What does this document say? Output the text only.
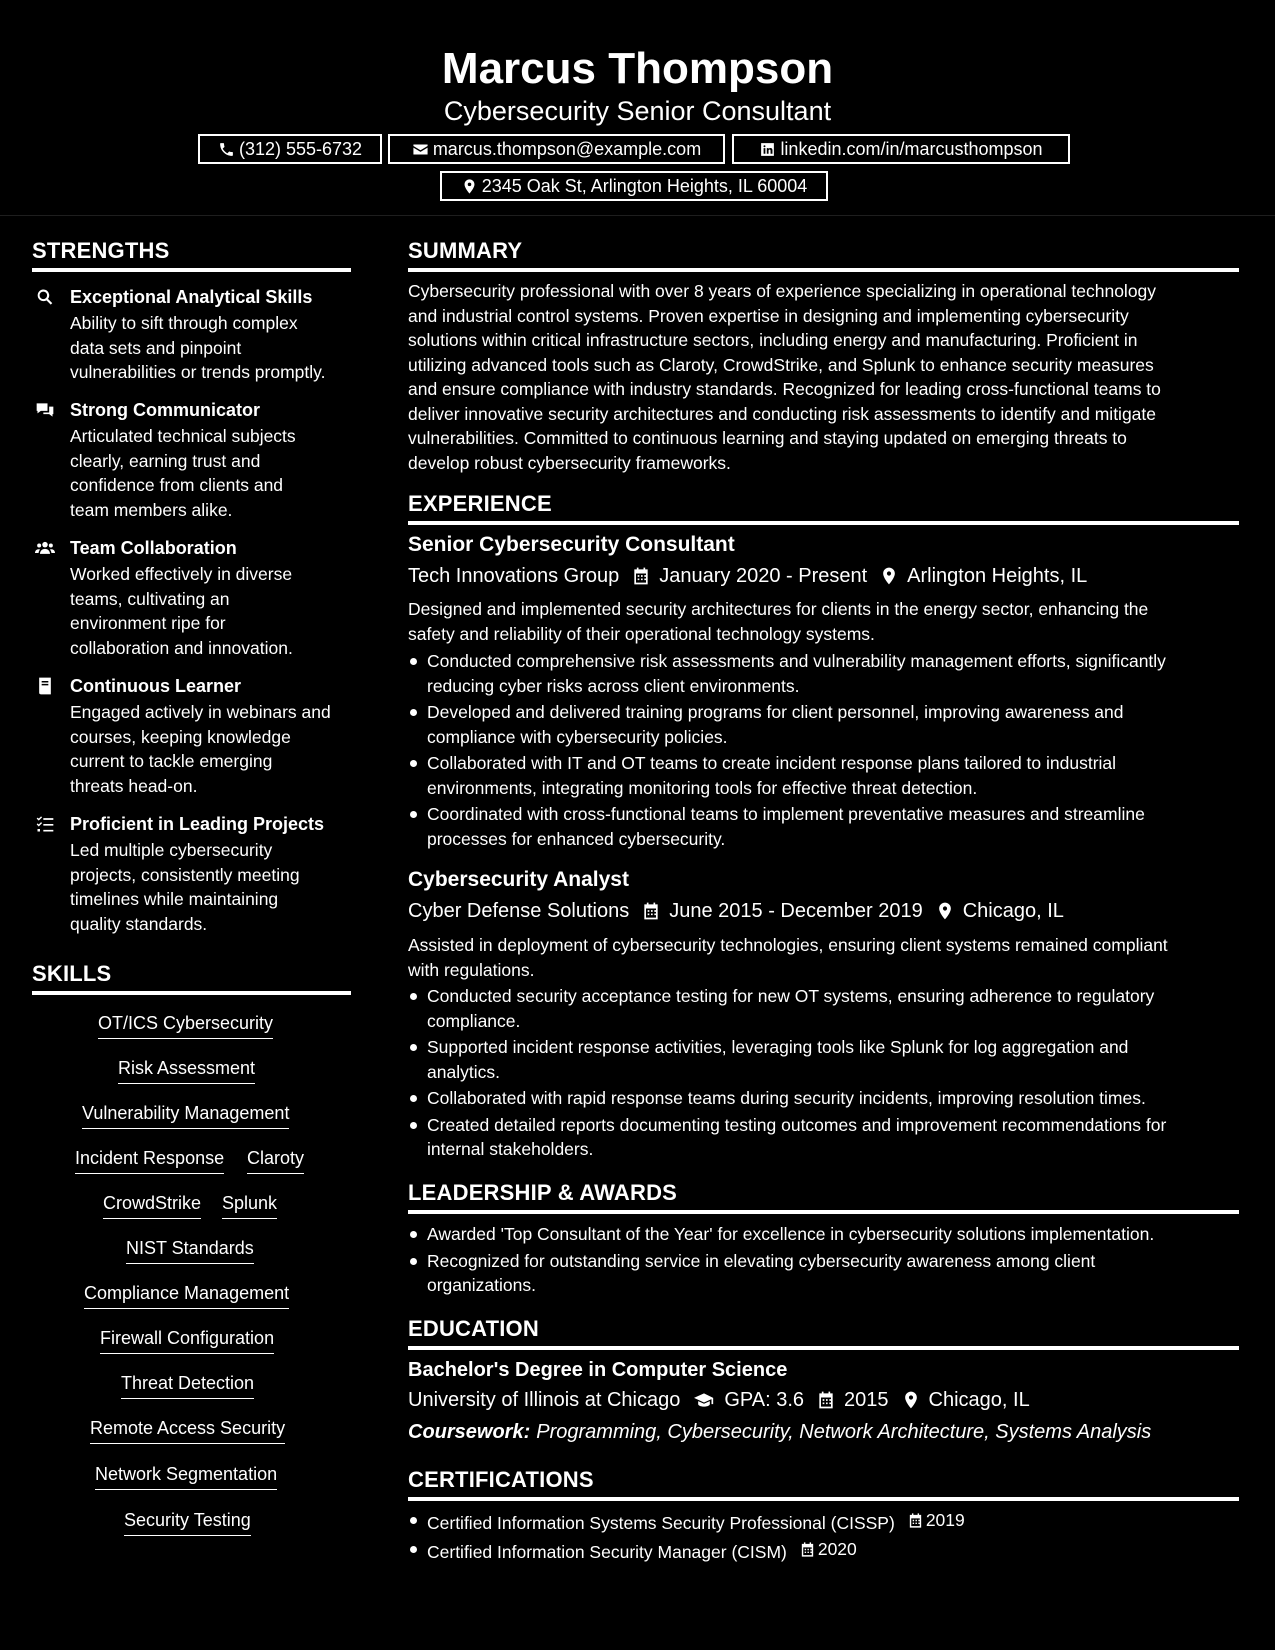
Marcus Thompson
Cybersecurity Senior Consultant
(312) 555-6732	marcus.thompson@example.com	linkedin.com/in/marcusthompson
2345 Oak St, Arlington Heights, IL 60004
STRENGTHS
Exceptional Analytical Skills
Ability to sift through complex
data sets and pinpoint
vulnerabilities or trends promptly.
Strong Communicator
Articulated technical subjects
clearly, earning trust and
confidence from clients and
team members alike.
Team Collaboration
Worked effectively in diverse
teams, cultivating an
environment ripe for
collaboration and innovation.
Continuous Learner
Engaged actively in webinars and
courses, keeping knowledge
current to tackle emerging
threats head-on.
Proficient in Leading Projects
Led multiple cybersecurity
projects, consistently meeting
timelines while maintaining
quality standards.
SKILLS
OT/ICS Cybersecurity
Risk Assessment
Vulnerability Management
Incident Response Claroty
CrowdStrike Splunk
NIST Standards
Compliance Management
Firewall Configuration
Threat Detection
Remote Access Security
Network Segmentation
Security Testing
SUMMARY
Cybersecurity professional with over 8 years of experience specializing in operational technology
and industrial control systems. Proven expertise in designing and implementing cybersecurity
solutions within critical infrastructure sectors, including energy and manufacturing. Proficient in
utilizing advanced tools such as Claroty, CrowdStrike, and Splunk to enhance security measures
and ensure compliance with industry standards. Recognized for leading cross-functional teams to
deliver innovative security architectures and conducting risk assessments to identify and mitigate
vulnerabilities. Committed to continuous learning and staying updated on emerging threats to
develop robust cybersecurity frameworks.
EXPERIENCE
Senior Cybersecurity Consultant
Tech Innovations Group January 2020 - Present Arlington Heights, IL
Designed and implemented security architectures for clients in the energy sector, enhancing the
safety and reliability of their operational technology systems.
Conducted comprehensive risk assessments and vulnerability management efforts, significantly
reducing cyber risks across client environments.
Developed and delivered training programs for client personnel, improving awareness and
compliance with cybersecurity policies.
Collaborated with IT and OT teams to create incident response plans tailored to industrial
environments, integrating monitoring tools for effective threat detection.
Coordinated with cross-functional teams to implement preventative measures and streamline
processes for enhanced cybersecurity.
Cybersecurity Analyst
Cyber Defense Solutions June 2015 - December 2019 Chicago, IL
Assisted in deployment of cybersecurity technologies, ensuring client systems remained compliant
with regulations.
Conducted security acceptance testing for new OT systems, ensuring adherence to regulatory
compliance.
Supported incident response activities, leveraging tools like Splunk for log aggregation and
analytics.
Collaborated with rapid response teams during security incidents, improving resolution times.
Created detailed reports documenting testing outcomes and improvement recommendations for
internal stakeholders.
LEADERSHIP & AWARDS
Awarded 'Top Consultant of the Year' for excellence in cybersecurity solutions implementation.
Recognized for outstanding service in elevating cybersecurity awareness among client
organizations.
EDUCATION
Bachelor's Degree in Computer Science
University of Illinois at Chicago GPA: 3.6 2015 Chicago, IL
Coursework: Programming, Cybersecurity, Network Architecture, Systems Analysis
CERTIFICATIONS
Certified Information Systems Security Professional (CISSP) 2019
Certified Information Security Manager (CISM) 2020
